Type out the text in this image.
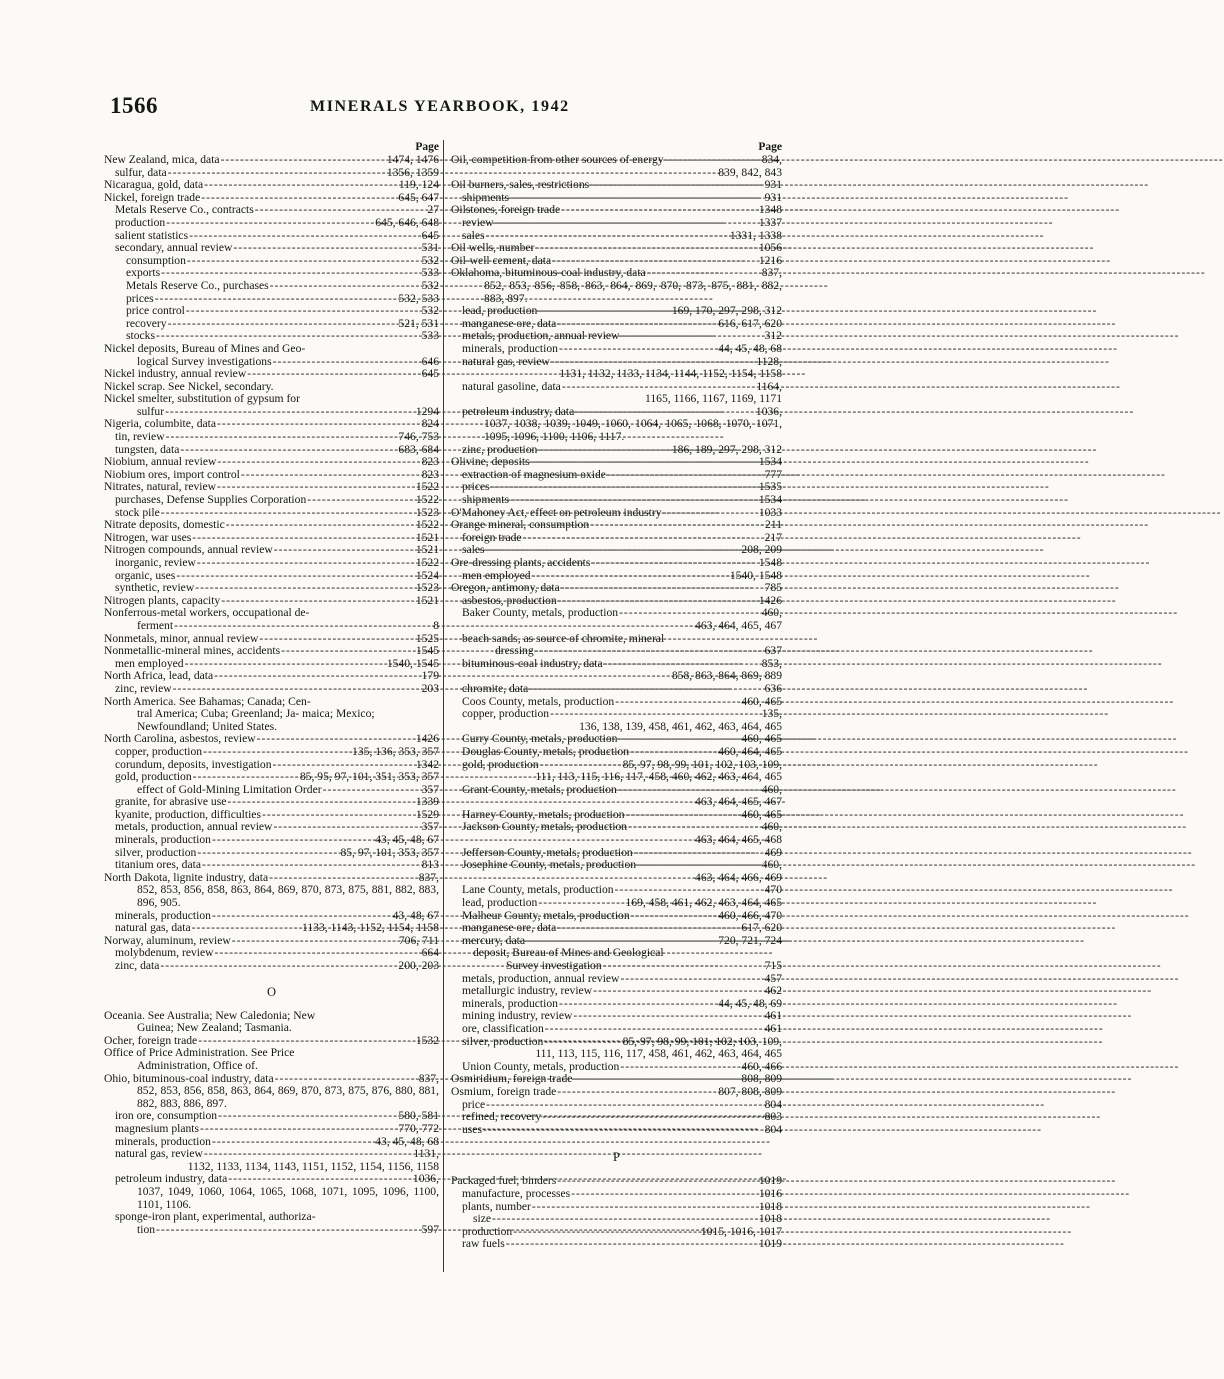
1566	MINERALS YEARBOOK, 1942
Page
New Zealand, mica, data -----	1474, 1476
sulfur, data -----	1356, 1359
Nicaragua, gold, data -----	119, 124
Nickel, foreign trade -----	645, 647
Metals Reserve Co., contracts -----	27
production -----	645, 646, 648
salient statistics -----	645
secondary, annual review -----	531
consumption -----	532
exports -----	533
Metals Reserve Co., purchases -----	532
prices -----	532, 533
price control -----	532
recovery -----	521, 531
stocks -----	533
Nickel deposits, Bureau of Mines and Geo-
logical Survey investigations -----	646
Nickel industry, annual review -----	645
Nickel scrap. See Nickel, secondary.
Nickel smelter, substitution of gypsum for
sulfur -----	1294
Nigeria, columbite, data -----	824
tin, review -----	746, 753
tungsten, data -----	683, 684
Niobium, annual review -----	823
Niobium ores, import control -----	823
Nitrates, natural, review -----	1522
purchases, Defense Supplies Corporation -----	1522
stock pile -----	1523
Nitrate deposits, domestic -----	1522
Nitrogen, war uses -----	1521
Nitrogen compounds, annual review -----	1521
inorganic, review -----	1522
organic, uses -----	1524
synthetic, review -----	1523
Nitrogen plants, capacity -----	1521
Nonferrous-metal workers, occupational de-
ferment -----	8
Nonmetals, minor, annual review -----	1525
Nonmetallic-mineral mines, accidents -----	1545
men employed -----	1540, 1545
North Africa, lead, data -----	179
zinc, review -----	203
North America. See Bahamas; Canada; Cen-
tral America; Cuba; Greenland; Ja- maica; Mexico; Newfoundland; United States.
North Carolina, asbestos, review -----	1426
copper, production -----	135, 136, 353, 357
corundum, deposits, investigation -----	1342
gold, production -----	85, 95, 97, 101, 351, 353, 357
effect of Gold-Mining Limitation Order -----	357
granite, for abrasive use -----	1339
kyanite, production, difficulties -----	1529
metals, production, annual review -----	357
minerals, production -----	43, 45, 48, 67
silver, production -----	85, 97, 101, 353, 357
titanium ores, data -----	813
North Dakota, lignite industry, data -----	837,
852, 853, 856, 858, 863, 864, 869, 870, 873, 875, 881, 882, 883, 896, 905.
minerals, production -----	43, 48, 67
natural gas, data -----	1133, 1143, 1152, 1154, 1158
Norway, aluminum, review -----	706, 711
molybdenum, review -----	664
zinc, data -----	200, 203
O
Oceania. See Australia; New Caledonia; New
Guinea; New Zealand; Tasmania.
Ocher, foreign trade -----	1532
Office of Price Administration. See Price
Administration, Office of.
Ohio, bituminous-coal industry, data -----	837,
852, 853, 856, 858, 863, 864, 869, 870, 873, 875, 876, 880, 881, 882, 883, 886, 897.
iron ore, consumption -----	580, 581
magnesium plants -----	770, 772
minerals, production -----	43, 45, 48, 68
natural gas, review -----	1131,
1132, 1133, 1134, 1143, 1151, 1152, 1154, 1156, 1158
petroleum industry, data -----	1036,
1037, 1049, 1060, 1064, 1065, 1068, 1071, 1095, 1096, 1100, 1101, 1106.
sponge-iron plant, experimental, authoriza-
tion -----	597
Page
Oil, competition from other sources of energy -----	834,
839, 842, 843
Oil burners, sales, restrictions -----	931
shipments -----	931
Oilstones, foreign trade -----	1348
review -----	1337
sales -----	1331, 1338
Oil wells, number -----	1056
Oil-well cement, data -----	1216
Oklahoma, bituminous-coal industry, data -----	837,
852, 853, 856, 858, 863, 864, 869, 870, 873, 875, 881, 882, 883, 897.
lead, production -----	169, 170, 297, 298, 312
manganese ore, data -----	616, 617, 620
metals, production, annual review -----	312
minerals, production -----	44, 45, 48, 68
natural gas, review -----	1128,
1131, 1132, 1133, 1134, 1144, 1152, 1154, 1158
natural gasoline, data -----	1164,
1165, 1166, 1167, 1169, 1171
petroleum industry, data -----	1036,
1037, 1038, 1039, 1049, 1060, 1064, 1065, 1068, 1070, 1071, 1095, 1096, 1100, 1106, 1117.
zinc, production -----	186, 189, 297, 298, 312
Olivine, deposits -----	1534
extraction of magnesium oxide -----	777
prices -----	1535
shipments -----	1534
O'Mahoney Act, effect on petroleum industry -----	1033
Orange mineral, consumption -----	211
foreign trade -----	217
sales -----	208, 209
Ore-dressing plants, accidents -----	1548
men employed -----	1540, 1548
Oregon, antimony, data -----	785
asbestos, production -----	1426
Baker County, metals, production -----	460,
463, 464, 465, 467
beach sands, as source of chromite, mineral
dressing -----	637
bituminous-coal industry, data -----	853,
858, 863, 864, 869, 889
chromite, data -----	636
Coos County, metals, production -----	460, 465
copper, production -----	135,
136, 138, 139, 458, 461, 462, 463, 464, 465
Curry County, metals, production -----	460, 465
Douglas County, metals, production -----	460, 464, 465
gold, production -----	85, 97, 98, 99, 101, 102, 103, 109,
111, 113, 115, 116, 117, 458, 460, 462, 463, 464, 465
Grant County, metals, production -----	460,
463, 464, 465, 467
Harney County, metals, production -----	460, 465
Jackson County, metals, production -----	460,
463, 464, 465, 468
Jefferson County, metals, production -----	469
Josephine County, metals, production -----	460,
463, 464, 466, 469
Lane County, metals, production -----	470
lead, production -----	169, 458, 461, 462, 463, 464, 465
Malheur County, metals, production -----	460, 466, 470
manganese ore, data -----	617, 620
mercury, data -----	720, 721, 724
deposit, Bureau of Mines and Geological
Survey investigation -----	715
metals, production, annual review -----	457
metallurgic industry, review -----	462
minerals, production -----	44, 45, 48, 69
mining industry, review -----	461
ore, classification -----	461
silver, production -----	85, 97, 98, 99, 101, 102, 103, 109,
111, 113, 115, 116, 117, 458, 461, 462, 463, 464, 465
Union County, metals, production -----	460, 466
Osmiridium, foreign trade -----	808, 809
Osmium, foreign trade -----	807, 808, 809
price -----	804
refined, recovery -----	803
uses -----	804
P
Packaged fuel, binders -----	1019
manufacture, processes -----	1016
plants, number -----	1018
size -----	1018
production -----	1015, 1016, 1017
raw fuels -----	1019
